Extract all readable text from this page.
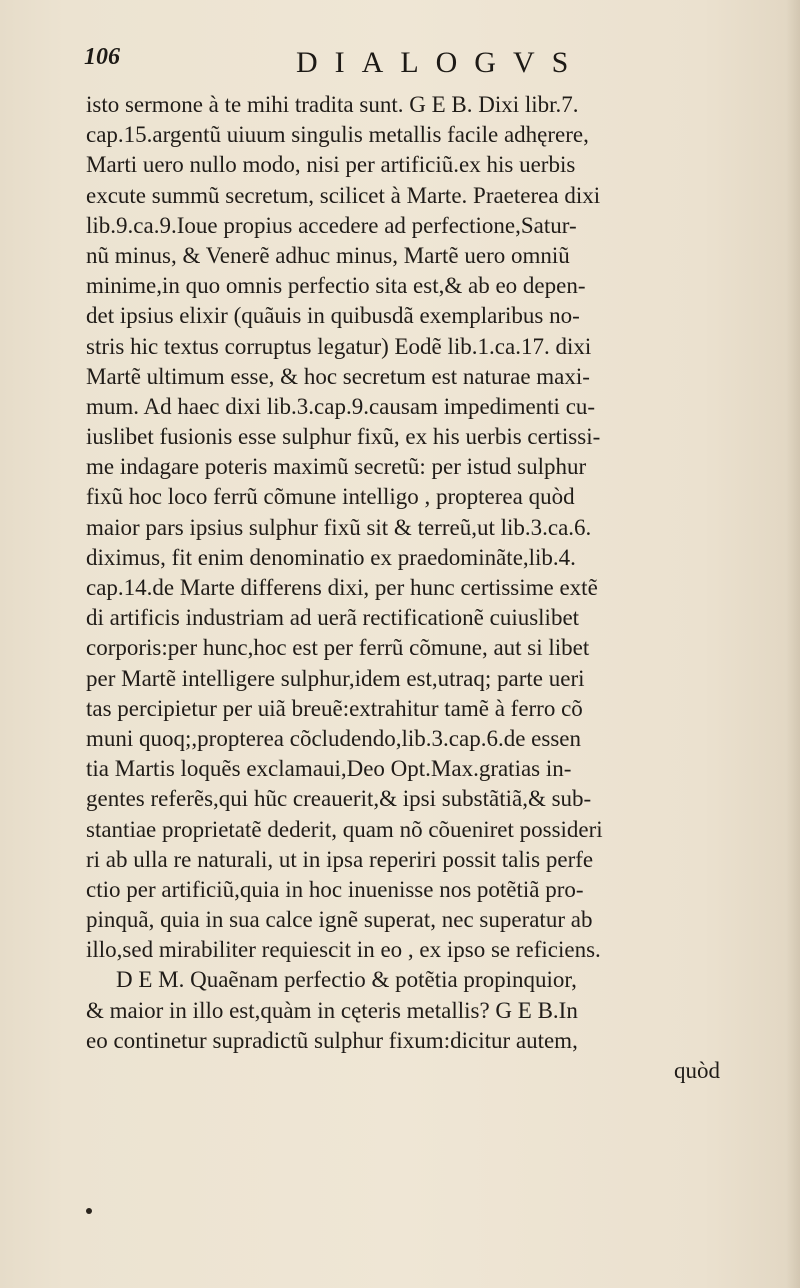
106	DIALOGVS
isto sermone à te mihi tradita sunt. G E B. Dixi libr.7.
cap.15.argentũ uiuum singulis metallis facile adhęrere,
Marti uero nullo modo, nisi per artificiũ.ex his uerbis
excute summũ secretum, scilicet à Marte. Praeterea dixi
lib.9.ca.9.Ioue propius accedere ad perfectione,Satur-
nũ minus, & Venerẽ adhuc minus, Martẽ uero omniũ
minime,in quo omnis perfectio sita est,& ab eo depen-
det ipsius elixir (quãuis in quibusdã exemplaribus no-
stris hic textus corruptus legatur) Eodẽ lib.1.ca.17. dixi
Martẽ ultimum esse, & hoc secretum est naturae maxi-
mum. Ad haec dixi lib.3.cap.9.causam impedimenti cu-
iuslibet fusionis esse sulphur fixũ, ex his uerbis certissi-
me indagare poteris maximũ secretũ: per istud sulphur
fixũ hoc loco ferrũ cõmune intelligo , propterea quòd
maior pars ipsius sulphur fixũ sit & terreũ,ut lib.3.ca.6.
diximus, fit enim denominatio ex praedominãte,lib.4.
cap.14.de Marte differens dixi, per hunc certissime extẽ
di artificis industriam ad uerã rectificationẽ cuiuslibet
corporis:per hunc,hoc est per ferrũ cõmune, aut si libet
per Martẽ intelligere sulphur,idem est,utraq; parte ueri
tas percipietur per uiã breuẽ:extrahitur tamẽ à ferro cõ
muni quoq;,propterea cõcludendo,lib.3.cap.6.de essen
tia Martis loquẽs exclamaui,Deo Opt.Max.gratias in-
gentes referẽs,qui hũc creauerit,& ipsi substãtiã,& sub-
stantiae proprietatẽ dederit, quam nõ cõueniret possideri
ri ab ulla re naturali, ut in ipsa reperiri possit talis perfe
ctio per artificiũ,quia in hoc inuenisse nos potẽtiã pro-
pinquã, quia in sua calce ignẽ superat, nec superatur ab
illo,sed mirabiliter requiescit in eo , ex ipso se reficiens.
D E M. Quaẽnam perfectio & potẽtia propinquior,
& maior in illo est,quàm in cęteris metallis? G E B.In
eo continetur supradictũ sulphur fixum:dicitur autem,
quòd
